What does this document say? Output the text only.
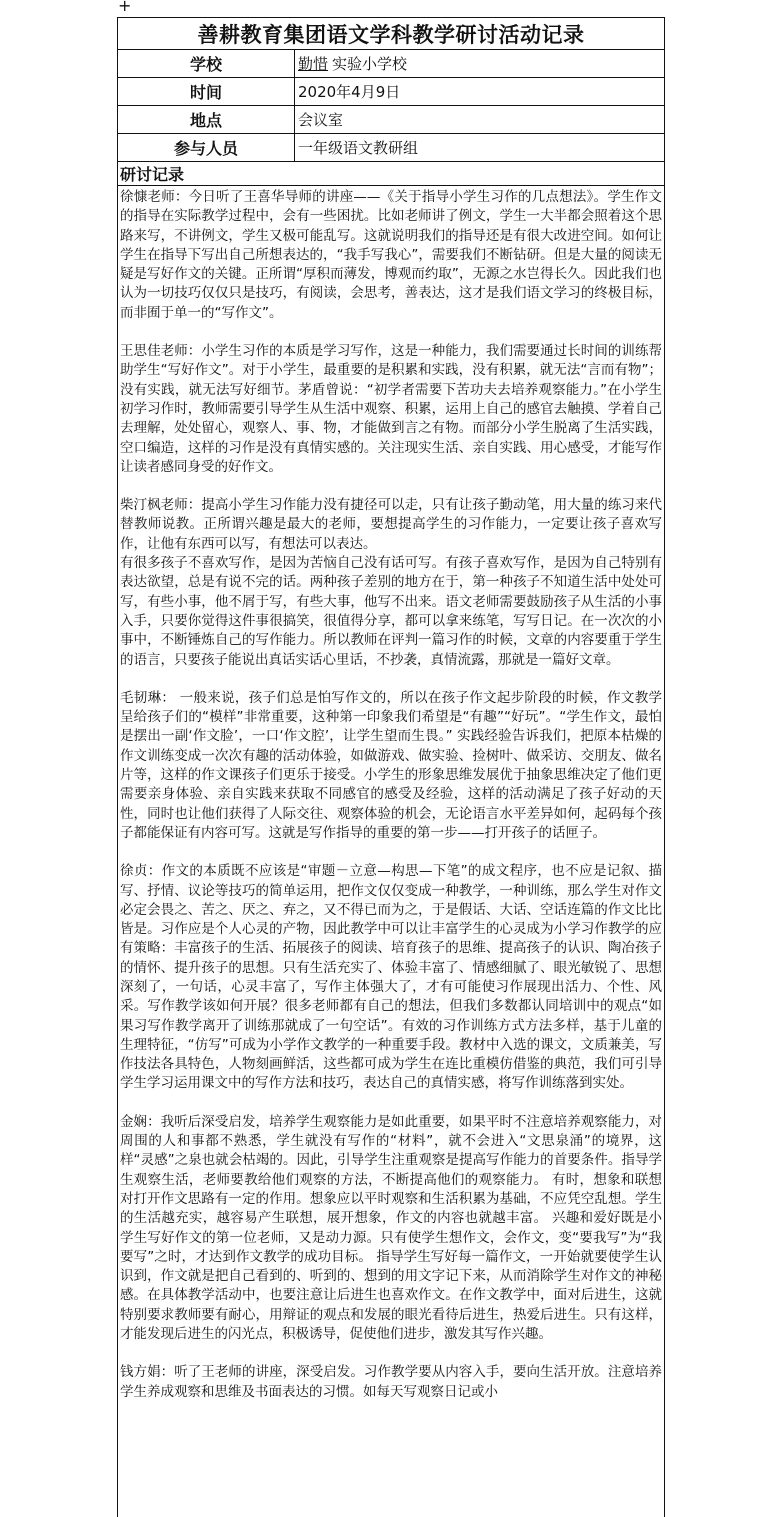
+
善耕教育集团语文学科教学研讨活动记录
学校	勤惜 实验小学校
时间	2020年4月9日
地点	会议室
参与人员	一年级语文教研组
研讨记录

徐慷老师：今日听了王喜华导师的讲座——《关于指导小学生习作的几点想法》。学生作文的指导在实际教学过程中，会有一些困扰。比如老师讲了例文，学生一大半都会照着这个思路来写，不讲例文，学生又极可能乱写。这就说明我们的指导还是有很大改进空间。如何让学生在指导下写出自己所想表达的，“我手写我心”，需要我们不断钻研。但是大量的阅读无疑是写好作文的关键。正所谓“厚积而薄发，博观而约取”，无源之水岂得长久。因此我们也认为一切技巧仅仅只是技巧，有阅读，会思考，善表达，这才是我们语文学习的终极目标，而非囿于单一的“写作文”。

王思佳老师：小学生习作的本质是学习写作，这是一种能力，我们需要通过长时间的训练帮助学生“写好作文”。对于小学生，最重要的是积累和实践，没有积累，就无法“言而有物”；没有实践，就无法写好细节。茅盾曾说：“初学者需要下苦功夫去培养观察能力。”在小学生初学习作时，教师需要引导学生从生活中观察、积累，运用上自己的感官去触摸、学着自己去理解，处处留心，观察人、事、物，才能做到言之有物。而部分小学生脱离了生活实践，空口编造，这样的习作是没有真情实感的。关注现实生活、亲自实践、用心感受，才能写作让读者感同身受的好作文。

柴汀枫老师：提高小学生习作能力没有捷径可以走，只有让孩子勤动笔，用大量的练习来代替教师说教。正所谓兴趣是最大的老师，要想提高学生的习作能力，一定要让孩子喜欢写作，让他有东西可以写，有想法可以表达。
有很多孩子不喜欢写作，是因为苦恼自己没有话可写。有孩子喜欢写作，是因为自己特别有表达欲望，总是有说不完的话。两种孩子差别的地方在于，第一种孩子不知道生活中处处可写，有些小事，他不屑于写，有些大事，他写不出来。语文老师需要鼓励孩子从生活的小事入手，只要你觉得这件事很搞笑，很值得分享，都可以拿来练笔，写写日记。在一次次的小事中，不断锤炼自己的写作能力。所以教师在评判一篇习作的时候，文章的内容要重于学生的语言，只要孩子能说出真话实话心里话，不抄袭，真情流露，那就是一篇好文章。

毛韧琳： 一般来说，孩子们总是怕写作文的，所以在孩子作文起步阶段的时候，作文教学呈给孩子们的“模样”非常重要，这种第一印象我们希望是“有趣”“好玩”。“学生作文，最怕是摆出一副‘作文脸’，一口‘作文腔’，让学生望而生畏。” 实践经验告诉我们，把原本枯燥的作文训练变成一次次有趣的活动体验，如做游戏、做实验、捡树叶、做采访、交朋友、做名片等，这样的作文课孩子们更乐于接受。小学生的形象思维发展优于抽象思维决定了他们更需要亲身体验、亲自实践来获取不同感官的感受及经验，这样的活动满足了孩子好动的天性，同时也让他们获得了人际交往、观察体验的机会，无论语言水平差异如何，起码每个孩子都能保证有内容可写。这就是写作指导的重要的第一步——打开孩子的话匣子。

徐贞：作文的本质既不应该是“审题－立意—构思—下笔”的成文程序，也不应是记叙、描写、抒情、议论等技巧的简单运用，把作文仅仅变成一种教学，一种训练，那么学生对作文必定会畏之、苦之、厌之、弃之，又不得已而为之，于是假话、大话、空话连篇的作文比比皆是。习作应是个人心灵的产物，因此教学中可以让丰富学生的心灵成为小学习作教学的应有策略：丰富孩子的生活、拓展孩子的阅读、培育孩子的思维、提高孩子的认识、陶冶孩子的情怀、提升孩子的思想。只有生活充实了、体验丰富了、情感细腻了、眼光敏锐了、思想深刻了，一句话，心灵丰富了，写作主体强大了，才有可能使习作展现出活力、个性、风采。写作教学该如何开展？很多老师都有自己的想法，但我们多数都认同培训中的观点“如果习写作教学离开了训练那就成了一句空话”。有效的习作训练方式方法多样，基于儿童的生理特征，“仿写”可成为小学作文教学的一种重要手段。教材中入选的课文，文质兼美，写作技法各具特色，人物刻画鲜活，这些都可成为学生在连比重模仿借鉴的典范，我们可引导学生学习运用课文中的写作方法和技巧，表达自己的真情实感，将写作训练落到实处。

金娴：我听后深受启发，培养学生观察能力是如此重要，如果平时不注意培养观察能力，对周围的人和事都不熟悉，学生就没有写作的“材料”，就不会进入“文思泉涌”的境界，这样“灵感”之泉也就会枯竭的。因此，引导学生注重观察是提高写作能力的首要条件。指导学生观察生活，老师要教给他们观察的方法，不断提高他们的观察能力。 有时，想象和联想对打开作文思路有一定的作用。想象应以平时观察和生活积累为基础，不应凭空乱想。学生的生活越充实，越容易产生联想，展开想象，作文的内容也就越丰富。 兴趣和爱好既是小学生写好作文的第一位老师，又是动力源。只有使学生想作文，会作文，变“要我写”为“我要写”之时，才达到作文教学的成功目标。 指导学生写好每一篇作文，一开始就要使学生认识到，作文就是把自己看到的、听到的、想到的用文字记下来，从而消除学生对作文的神秘感。在具体教学活动中，也要注意让后进生也喜欢作文。在作文教学中，面对后进生，这就特别要求教师要有耐心，用辩证的观点和发展的眼光看待后进生，热爱后进生。只有这样，才能发现后进生的闪光点，积极诱导，促使他们进步，激发其写作兴趣。

钱方娟：听了王老师的讲座，深受启发。习作教学要从内容入手，要向生活开放。注意培养学生养成观察和思维及书面表达的习惯。如每天写观察日记或小
